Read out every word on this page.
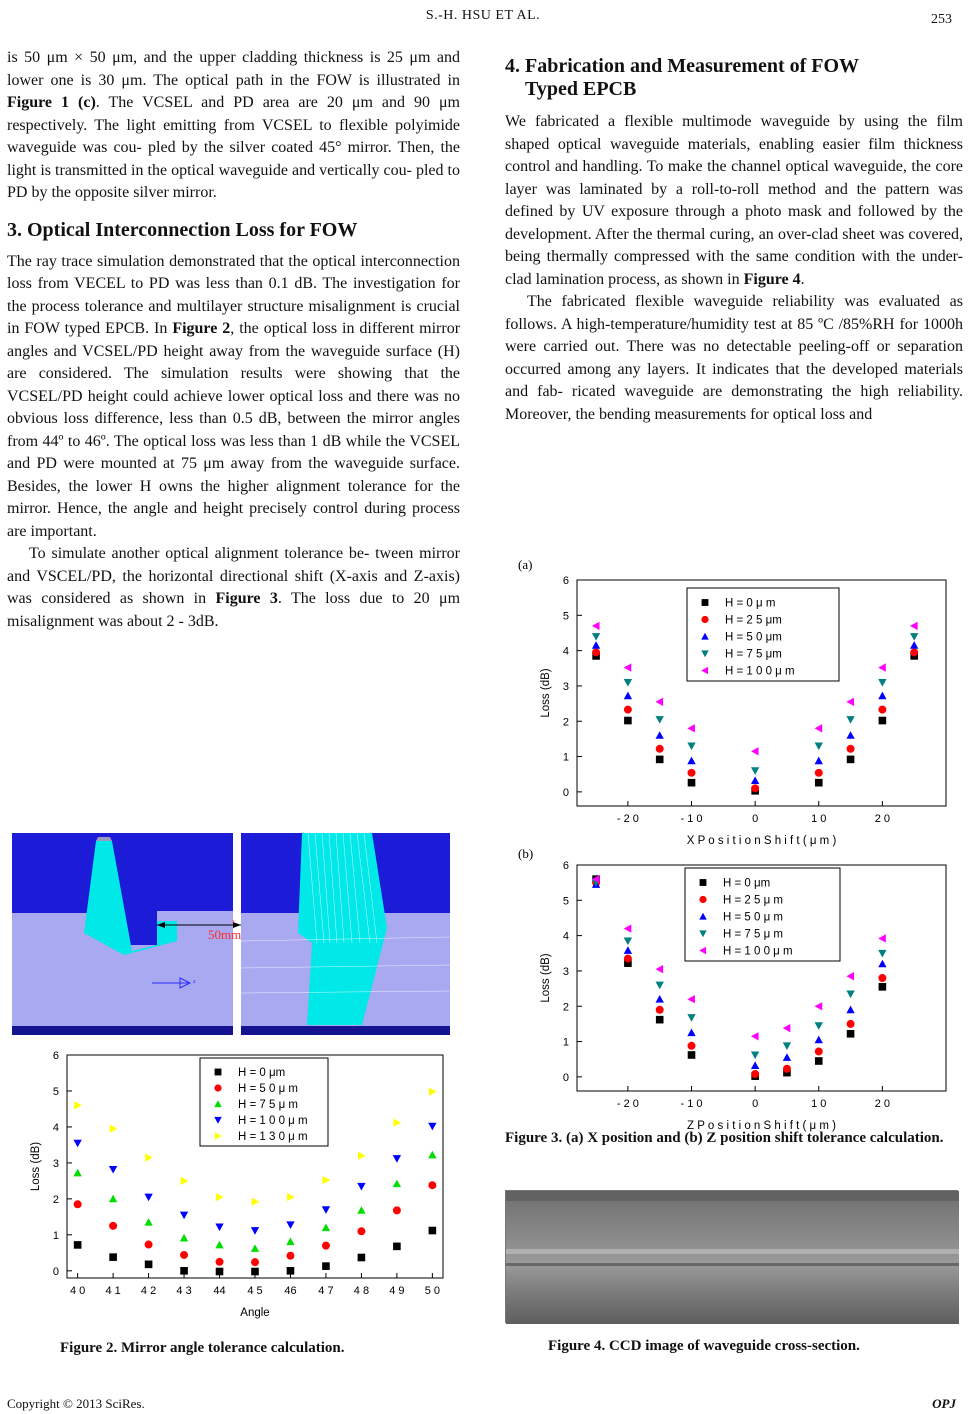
S.-H. HSU ET AL.	253

is 50 μm × 50 μm, and the upper cladding thickness is 25 μm and lower one is 30 μm. The optical path in the FOW is illustrated in Figure 1 (c). The VCSEL and PD area are 20 μm and 90 μm respectively. The light emitting from VCSEL to flexible polyimide waveguide was cou- pled by the silver coated 45° mirror. Then, the light is transmitted in the optical waveguide and vertically cou- pled to PD by the opposite silver mirror.

3. Optical Interconnection Loss for FOW

The ray trace simulation demonstrated that the optical interconnection loss from VECEL to PD was less than 0.1 dB. The investigation for the process tolerance and multilayer structure misalignment is crucial in FOW typed EPCB. In Figure 2, the optical loss in different mirror angles and VCSEL/PD height away from the waveguide surface (H) are considered. The simulation results were showing that the VCSEL/PD height could achieve lower optical loss and there was no obvious loss difference, less than 0.5 dB, between the mirror angles from 44º to 46º. The optical loss was less than 1 dB while the VCSEL and PD were mounted at 75 μm away from the waveguide surface. Besides, the lower H owns the higher alignment tolerance for the mirror. Hence, the angle and height precisely control during process are important.

To simulate another optical alignment tolerance be- tween mirror and VSCEL/PD, the horizontal directional shift (X-axis and Z-axis) was considered as shown in Figure 3. The loss due to 20 μm misalignment was about 2 - 3dB.

4. Fabrication and Measurement of FOW
Typed EPCB

We fabricated a flexible multimode waveguide by using the film shaped optical waveguide materials, enabling easier film thickness control and handling. To make the channel optical waveguide, the core layer was laminated by a roll-to-roll method and the pattern was defined by UV exposure through a photo mask and followed by the development. After the thermal curing, an over-clad sheet was covered, being thermally compressed with the same condition with the under-clad lamination process, as shown in Figure 4.

The fabricated flexible waveguide reliability was evaluated as follows. A high-temperature/humidity test at 85 ºC /85%RH for 1000h were carried out. There was no detectable peeling-off or separation occurred among any layers. It indicates that the developed materials and fab- ricated waveguide are demonstrating the high reliability. Moreover, the bending measurements for optical loss and

z
50mm
x
0
1
2
3
4
5
6
4 0 4 1 4 2 4 3 44 4 5 46 4 7 4 8 4 9 5 0
Angle
Loss (dB)
H = 0 μm
H = 5 0 μ m
H = 7 5 μ m
H = 1 0 0 μ m
H = 1 3 0 μ m
Figure 2. Mirror angle tolerance calculation.
0
1
2
3
4
5
6
- 2 0	- 1 0	0	1 0	2 0
X P o s i t i o n S h i f t ( μ m )
Loss (dB)
(a)
H = 0 μ m
H = 2 5 μm
H = 5 0 μm
H = 7 5 μm
H = 1 0 0 μ m
0
1
2
3
4
5
6
- 2 0	- 1 0	0	1 0	2 0
Z P o s i t i o n S h i f t ( μ m )
Loss (dB)
(b)
H = 0 μm
H = 2 5 μ m
H = 5 0 μ m
H = 7 5 μ m
H = 1 0 0 μ m
Figure 3. (a) X position and (b) Z position shift tolerance calculation.
Figure 4. CCD image of waveguide cross-section.
Copyright © 2013 SciRes.	OPJ
